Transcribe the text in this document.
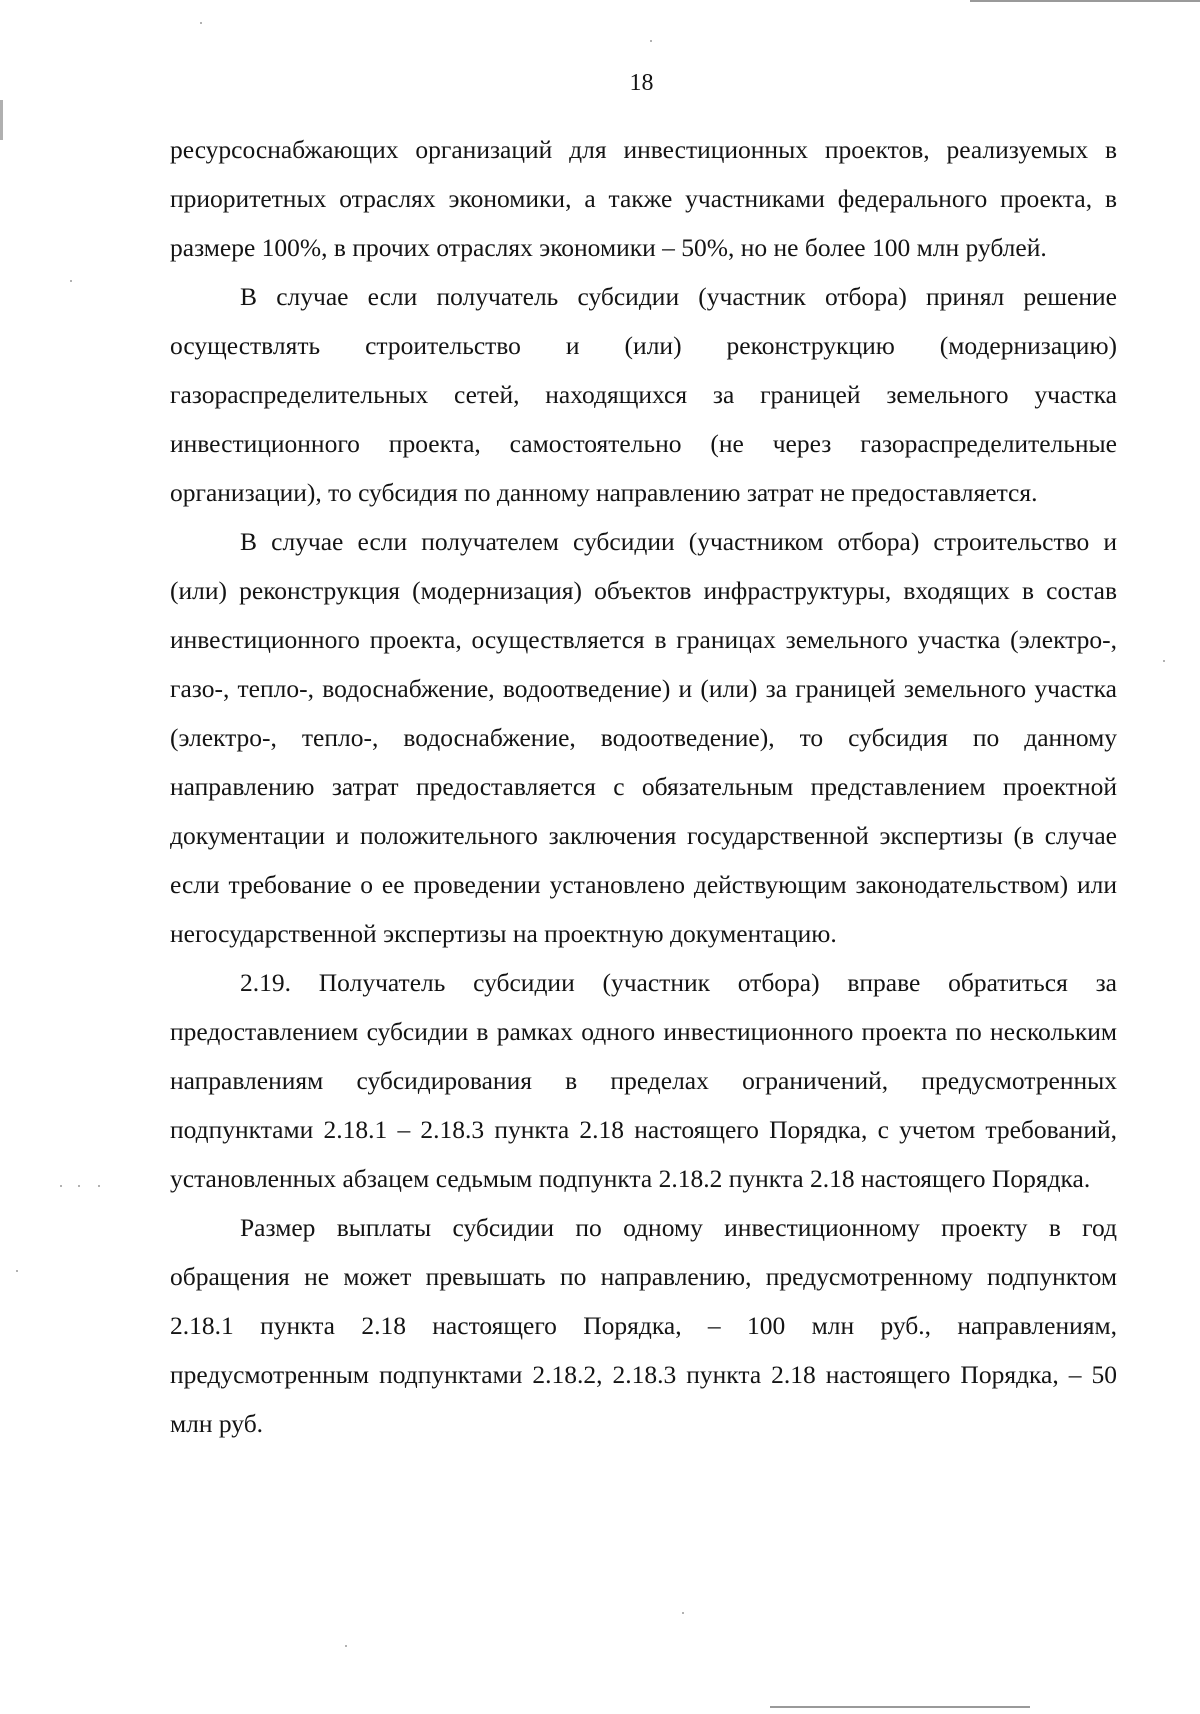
18

ресурсоснабжающих организаций для инвестиционных проектов, реализуемых в приоритетных отраслях экономики, а также участниками федерального проекта, в размере 100%, в прочих отраслях экономики – 50%, но не более 100 млн рублей.

В случае если получатель субсидии (участник отбора) принял решение осуществлять строительство и (или) реконструкцию (модернизацию) газораспределительных сетей, находящихся за границей земельного участка инвестиционного проекта, самостоятельно (не через газораспределительные организации), то субсидия по данному направлению затрат не предоставляется.

В случае если получателем субсидии (участником отбора) строительство и (или) реконструкция (модернизация) объектов инфраструктуры, входящих в состав инвестиционного проекта, осуществляется в границах земельного участка (электро-, газо-, тепло-, водоснабжение, водоотведение) и (или) за границей земельного участка (электро-, тепло-, водоснабжение, водоотведение), то субсидия по данному направлению затрат предоставляется с обязательным представлением проектной документации и положительного заключения государственной экспертизы (в случае если требование о ее проведении установлено действующим законодательством) или негосударственной экспертизы на проектную документацию.

2.19. Получатель субсидии (участник отбора) вправе обратиться за предоставлением субсидии в рамках одного инвестиционного проекта по нескольким направлениям субсидирования в пределах ограничений, предусмотренных подпунктами 2.18.1 – 2.18.3 пункта 2.18 настоящего Порядка, с учетом требований, установленных абзацем седьмым подпункта 2.18.2 пункта 2.18 настоящего Порядка.

Размер выплаты субсидии по одному инвестиционному проекту в год обращения не может превышать по направлению, предусмотренному подпунктом 2.18.1 пункта 2.18 настоящего Порядка, – 100 млн руб., направлениям, предусмотренным подпунктами 2.18.2, 2.18.3 пункта 2.18 настоящего Порядка, – 50 млн руб.
